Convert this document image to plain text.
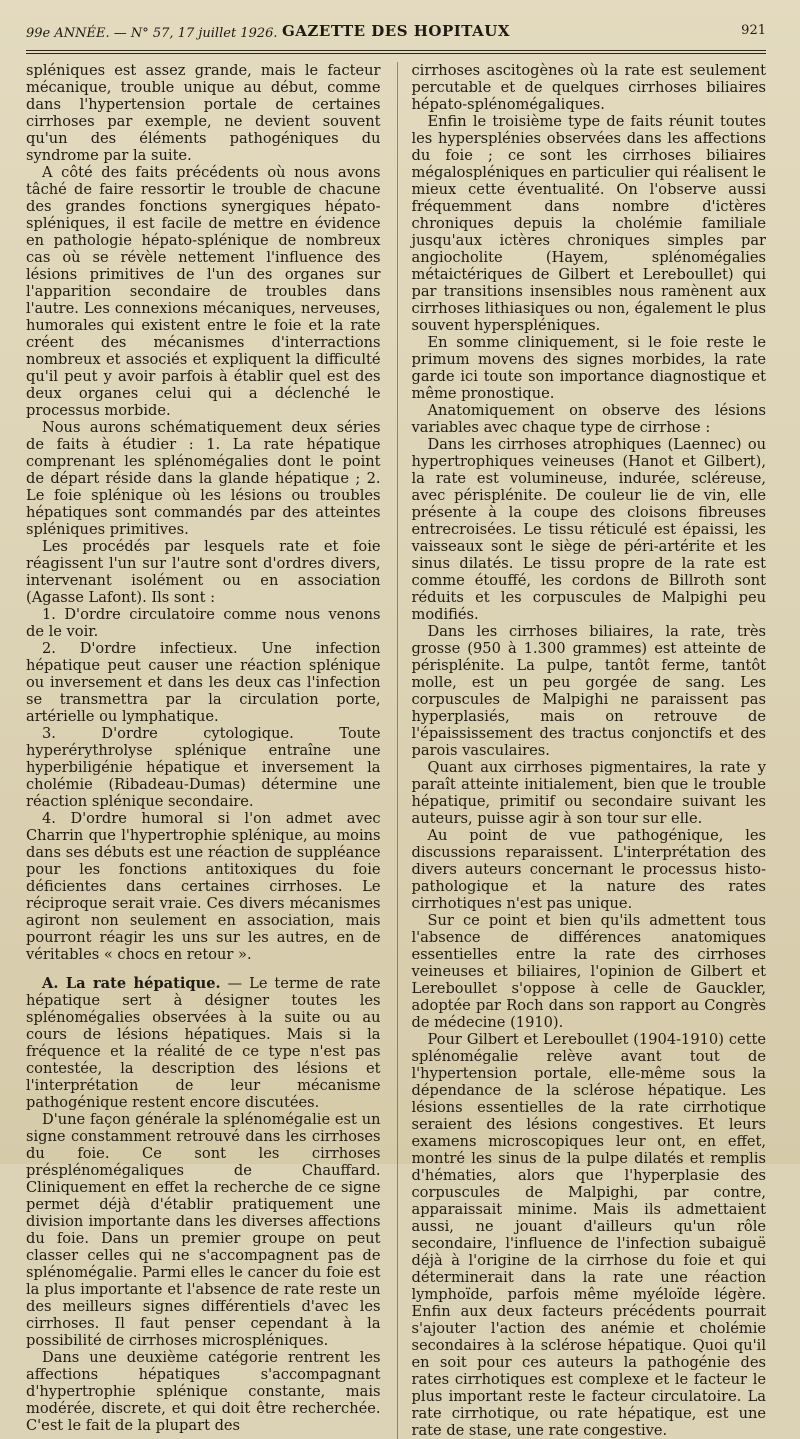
99e ANNÉE. — N° 57, 17 juillet 1926. GAZETTE DES HOPITAUX	921

spléniques est assez grande, mais le facteur mécanique, trouble unique au début, comme dans l'hypertension portale de certaines cirrhoses par exemple, ne devient souvent qu'un des éléments pathogéniques du syndrome par la suite.

A côté des faits précédents où nous avons tâché de faire ressortir le trouble de chacune des grandes fonctions synergiques hépato-spléniques, il est facile de mettre en évidence en pathologie hépato-splénique de nombreux cas où se révèle nettement l'influence des lésions primitives de l'un des organes sur l'apparition secondaire de troubles dans l'autre. Les connexions mécaniques, nerveuses, humorales qui existent entre le foie et la rate créent des mécanismes d'interractions nombreux et associés et expliquent la difficulté qu'il peut y avoir parfois à établir quel est des deux organes celui qui a déclenché le processus morbide.

Nous aurons schématiquement deux séries de faits à étudier : 1. La rate hépatique comprenant les splénomégalies dont le point de départ réside dans la glande hépatique ; 2. Le foie splénique où les lésions ou troubles hépatiques sont commandés par des atteintes spléniques primitives.

Les procédés par lesquels rate et foie réagissent l'un sur l'autre sont d'ordres divers, intervenant isolément ou en association (Agasse Lafont). Ils sont :

1. D'ordre circulatoire comme nous venons de le voir.

2. D'ordre infectieux. Une infection hépatique peut causer une réaction splénique ou inversement et dans les deux cas l'infection se transmettra par la circulation porte, artérielle ou lymphatique.

3. D'ordre cytologique. Toute hyperérythrolyse splénique entraîne une hyperbiligénie hépatique et inversement la cholémie (Ribadeau-Dumas) détermine une réaction splénique secondaire.

4. D'ordre humoral si l'on admet avec Charrin que l'hypertrophie splénique, au moins dans ses débuts est une réaction de suppléance pour les fonctions antitoxiques du foie déficientes dans certaines cirrhoses. Le réciproque serait vraie. Ces divers mécanismes agiront non seulement en association, mais pourront réagir les uns sur les autres, en de véritables « chocs en retour ».

A. La rate hépatique. — Le terme de rate hépatique sert à désigner toutes les splénomégalies observées à la suite ou au cours de lésions hépatiques. Mais si la fréquence et la réalité de ce type n'est pas contestée, la description des lésions et l'interprétation de leur mécanisme pathogénique restent encore discutées.

D'une façon générale la splénomégalie est un signe constamment retrouvé dans les cirrhoses du foie. Ce sont les cirrhoses présplénomégaliques de Chauffard. Cliniquement en effet la recherche de ce signe permet déjà d'établir pratiquement une division importante dans les diverses affections du foie. Dans un premier groupe on peut classer celles qui ne s'accompagnent pas de splénomégalie. Parmi elles le cancer du foie est la plus importante et l'absence de rate reste un des meilleurs signes différentiels d'avec les cirrhoses. Il faut penser cependant à la possibilité de cirrhoses microspléniques.

Dans une deuxième catégorie rentrent les affections hépatiques s'accompagnant d'hypertrophie splénique constante, mais modérée, discrete, et qui doit être recherchée. C'est le fait de la plupart des

cirrhoses ascitogènes où la rate est seulement percutable et de quelques cirrhoses biliaires hépato-splénomégaliques.

Enfin le troisième type de faits réunit toutes les hypersplénies observées dans les affections du foie ; ce sont les cirrhoses biliaires mégalospléniques en particulier qui réalisent le mieux cette éventualité. On l'observe aussi fréquemment dans nombre d'ictères chroniques depuis la cholémie familiale jusqu'aux ictères chroniques simples par angiocholite (Hayem, splénomégalies métaictériques de Gilbert et Lereboullet) qui par transitions insensibles nous ramènent aux cirrhoses lithiasiques ou non, également le plus souvent hyperspléniques.

En somme cliniquement, si le foie reste le primum movens des signes morbides, la rate garde ici toute son importance diagnostique et même pronostique.

Anatomiquement on observe des lésions variables avec chaque type de cirrhose :

Dans les cirrhoses atrophiques (Laennec) ou hypertrophiques veineuses (Hanot et Gilbert), la rate est volumineuse, indurée, scléreuse, avec périsplénite. De couleur lie de vin, elle présente à la coupe des cloisons fibreuses entrecroisées. Le tissu réticulé est épaissi, les vaisseaux sont le siège de péri-artérite et les sinus dilatés. Le tissu propre de la rate est comme étouffé, les cordons de Billroth sont réduits et les corpuscules de Malpighi peu modifiés.

Dans les cirrhoses biliaires, la rate, très grosse (950 à 1.300 grammes) est atteinte de périsplénite. La pulpe, tantôt ferme, tantôt molle, est un peu gorgée de sang. Les corpuscules de Malpighi ne paraissent pas hyperplasiés, mais on retrouve de l'épaississement des tractus conjonctifs et des parois vasculaires.

Quant aux cirrhoses pigmentaires, la rate y paraît atteinte initialement, bien que le trouble hépatique, primitif ou secondaire suivant les auteurs, puisse agir à son tour sur elle.

Au point de vue pathogénique, les discussions reparaissent. L'interprétation des divers auteurs concernant le processus histo-pathologique et la nature des rates cirrhotiques n'est pas unique.

Sur ce point et bien qu'ils admettent tous l'absence de différences anatomiques essentielles entre la rate des cirrhoses veineuses et biliaires, l'opinion de Gilbert et Lereboullet s'oppose à celle de Gauckler, adoptée par Roch dans son rapport au Congrès de médecine (1910).

Pour Gilbert et Lereboullet (1904-1910) cette splénomégalie relève avant tout de l'hypertension portale, elle-même sous la dépendance de la sclérose hépatique. Les lésions essentielles de la rate cirrhotique seraient des lésions congestives. Et leurs examens microscopiques leur ont, en effet, montré les sinus de la pulpe dilatés et remplis d'hématies, alors que l'hyperplasie des corpuscules de Malpighi, par contre, apparaissait minime. Mais ils admettaient aussi, ne jouant d'ailleurs qu'un rôle secondaire, l'influence de l'infection subaiguë déjà à l'origine de la cirrhose du foie et qui déterminerait dans la rate une réaction lymphoïde, parfois même myéloïde légère. Enfin aux deux facteurs précédents pourrait s'ajouter l'action des anémie et cholémie secondaires à la sclérose hépatique. Quoi qu'il en soit pour ces auteurs la pathogénie des rates cirrhotiques est complexe et le facteur le plus important reste le facteur circulatoire. La rate cirrhotique, ou rate hépatique, est une rate de stase, une rate congestive.
